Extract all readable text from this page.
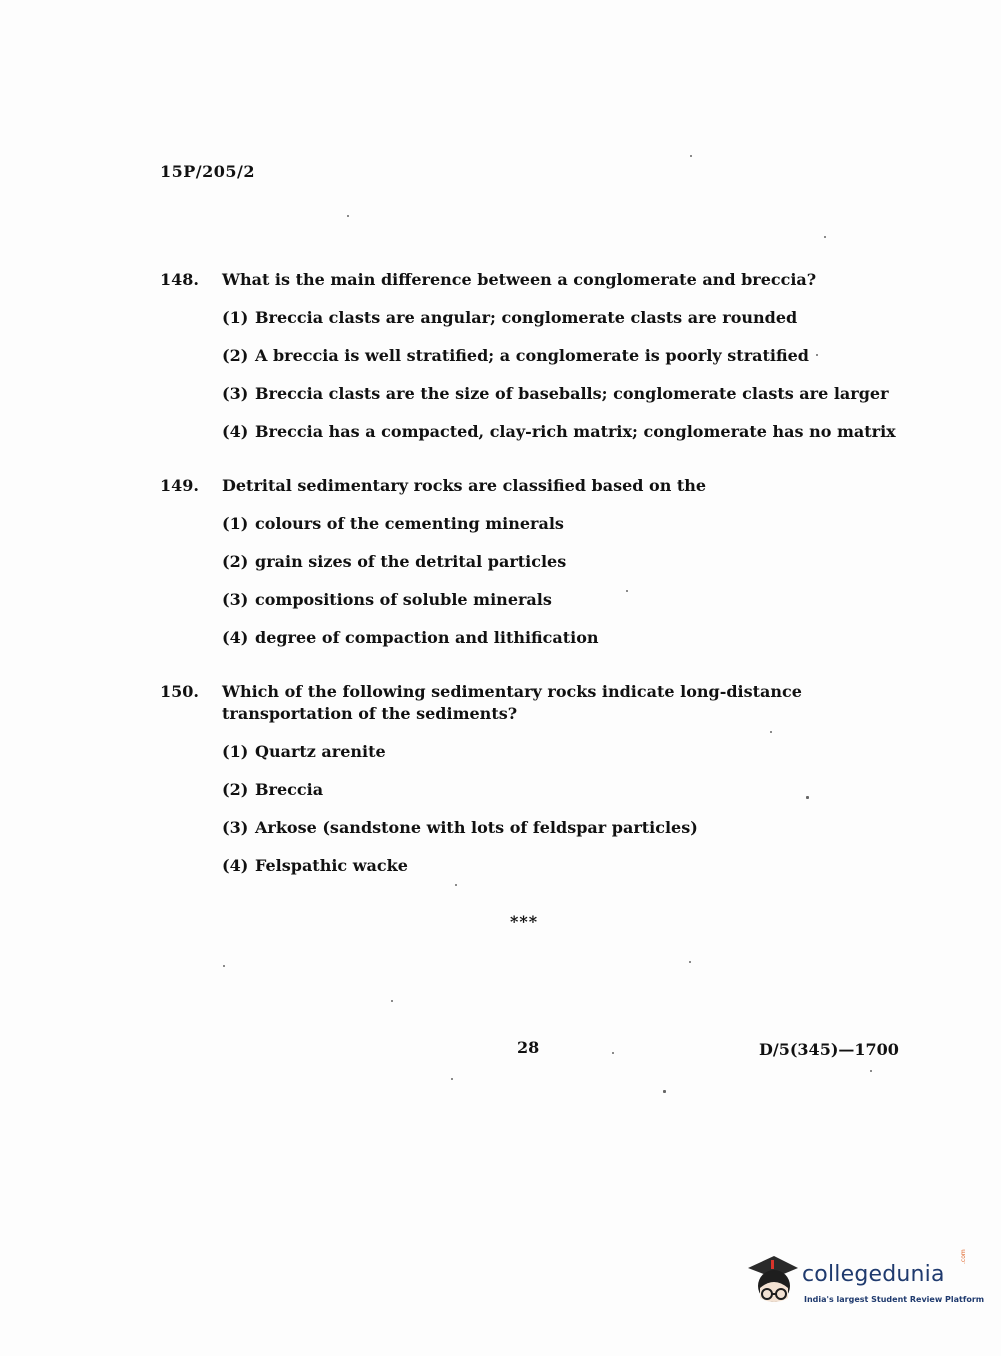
15P/205/2
148.	What is the main difference between a conglomerate and breccia?
(1) Breccia clasts are angular; conglomerate clasts are rounded
(2) A breccia is well stratified; a conglomerate is poorly stratified
(3) Breccia clasts are the size of baseballs; conglomerate clasts are larger
(4) Breccia has a compacted, clay-rich matrix; conglomerate has no matrix
149.	Detrital sedimentary rocks are classified based on the
(1) colours of the cementing minerals
(2) grain sizes of the detrital particles
(3) compositions of soluble minerals
(4) degree of compaction and lithification
150.	Which of the following sedimentary rocks indicate long-distance transportation of the sediments?
(1) Quartz arenite
(2) Breccia
(3) Arkose (sandstone with lots of feldspar particles)
(4) Felspathic wacke
***
28	D/5(345)—1700
collegedunia
.com
India's largest Student Review Platform
